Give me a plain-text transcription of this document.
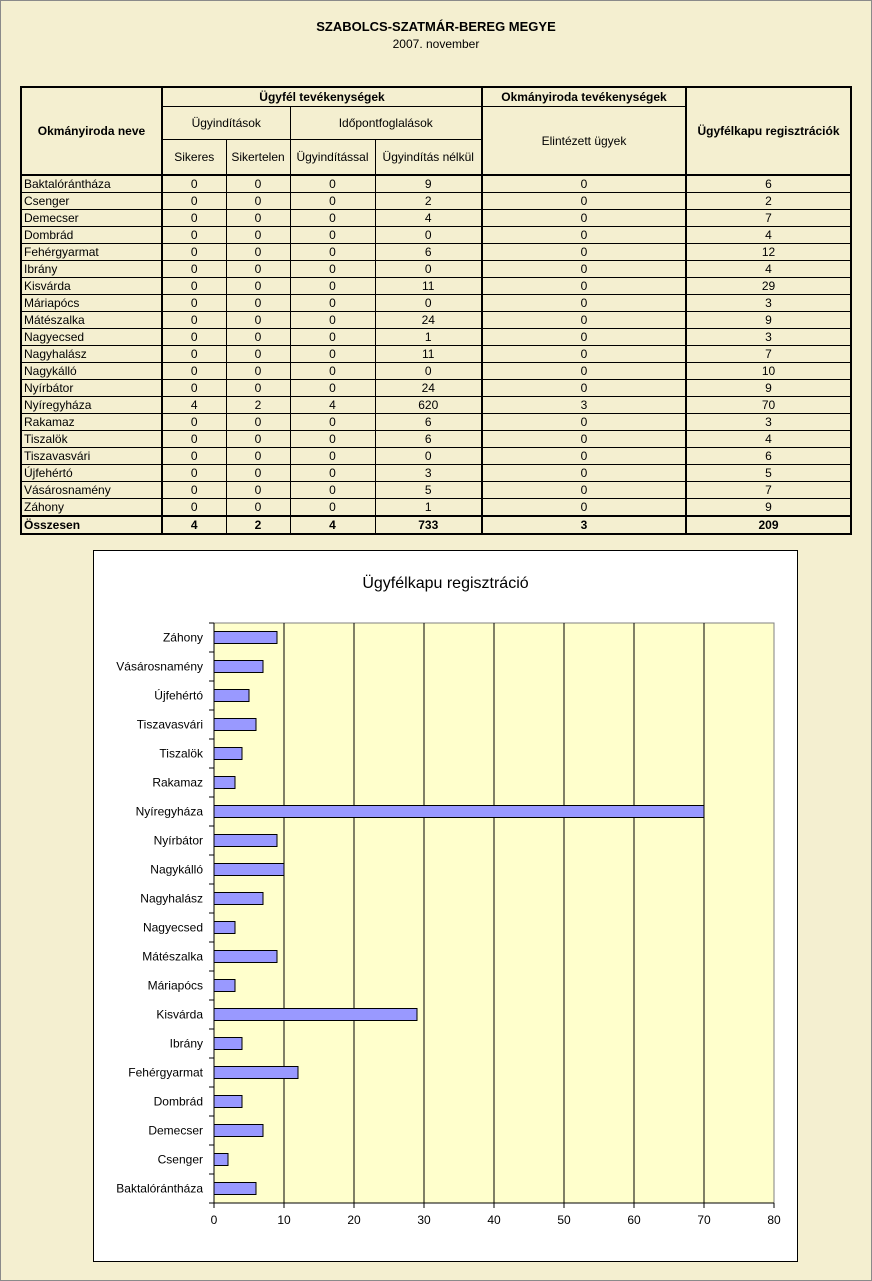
SZABOLCS-SZATMÁR-BEREG MEGYE
2007. november
Okmányiroda neve	Ügyfél tevékenységek				Okmányiroda tevékenységek	Ügyfélkapu regisztrációk
	Ügyindítások		Időpontfoglalások		Elintézett ügyek	
	Sikeres	Sikertelen	Ügyindítással	Ügyindítás nélkül		
Baktalórántháza	0	0	0	9	0	6
Csenger	0	0	0	2	0	2
Demecser	0	0	0	4	0	7
Dombrád	0	0	0	0	0	4
Fehérgyarmat	0	0	0	6	0	12
Ibrány	0	0	0	0	0	4
Kisvárda	0	0	0	11	0	29
Máriapócs	0	0	0	0	0	3
Mátészalka	0	0	0	24	0	9
Nagyecsed	0	0	0	1	0	3
Nagyhalász	0	0	0	11	0	7
Nagykálló	0	0	0	0	0	10
Nyírbátor	0	0	0	24	0	9
Nyíregyháza	4	2	4	620	3	70
Rakamaz	0	0	0	6	0	3
Tiszalök	0	0	0	6	0	4
Tiszavasvári	0	0	0	0	0	6
Újfehértó	0	0	0	3	0	5
Vásárosnamény	0	0	0	5	0	7
Záhony	0	0	0	1	0	9
Összesen	4	2	4	733	3	209
Ügyfélkapu regisztráció
0	10	20	30	40	50	60	70	80
Záhony
Vásárosnamény
Újfehértó
Tiszavasvári
Tiszalök
Rakamaz
Nyíregyháza
Nyírbátor
Nagykálló
Nagyhalász
Nagyecsed
Mátészalka
Máriapócs
Kisvárda
Ibrány
Fehérgyarmat
Dombrád
Demecser
Csenger
Baktalórántháza
